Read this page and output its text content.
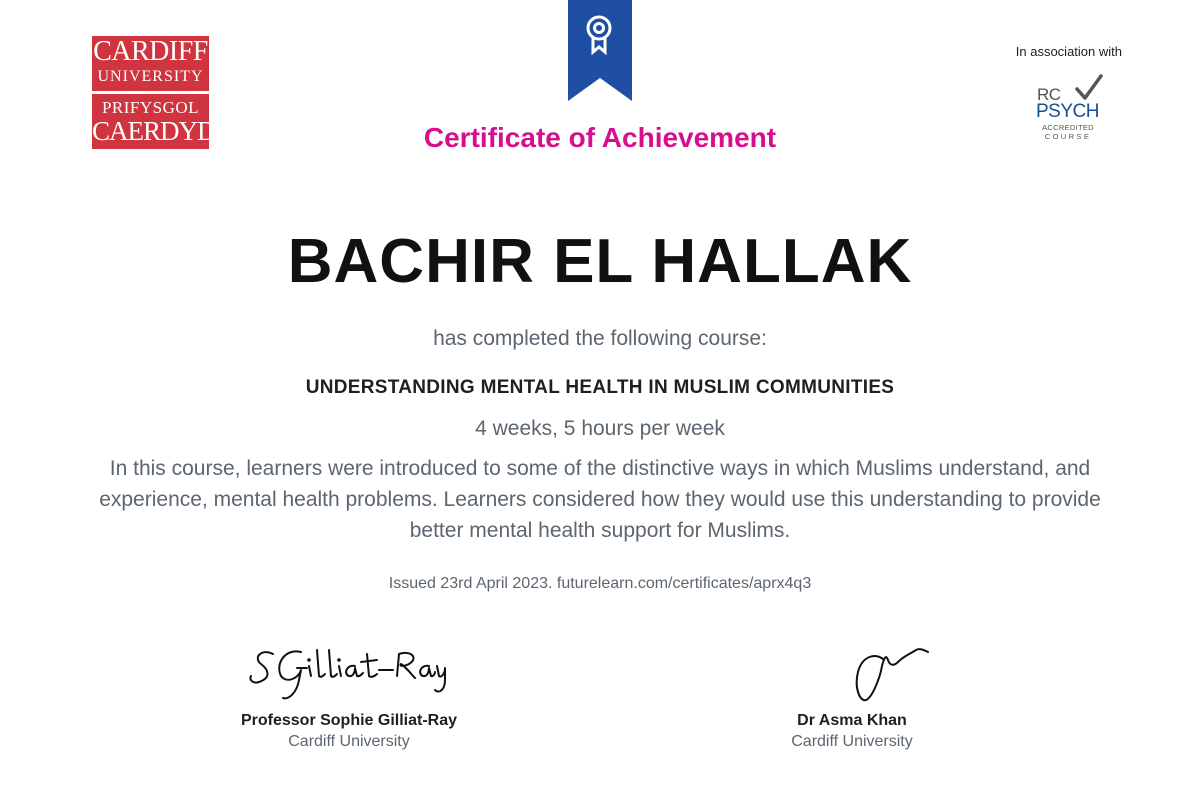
CARDIFF
UNIVERSITY
PRIFYSGOL
CAERDYDD
In association with
RC
PSYCH
ACCREDITED
COURSE
Certificate of Achievement
BACHIR EL HALLAK
has completed the following course:
UNDERSTANDING MENTAL HEALTH IN MUSLIM COMMUNITIES
4 weeks, 5 hours per week
In this course, learners were introduced to some of the distinctive ways in which Muslims understand, and experience, mental health problems. Learners considered how they would use this understanding to provide better mental health support for Muslims.
Issued 23rd April 2023. futurelearn.com/certificates/aprx4q3
Professor Sophie Gilliat-Ray
Cardiff University
Dr Asma Khan
Cardiff University
